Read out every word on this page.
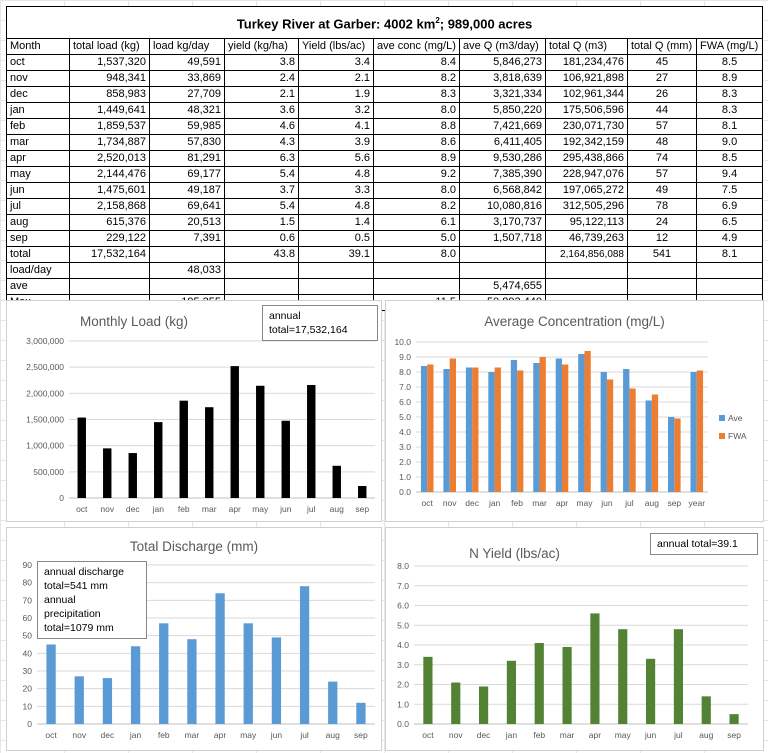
Turkey River at Garber: 4002 $km^2$; 989,000 acres									
Month	total load (kg)	load kg/day	yield (kg/ha)	Yield (lbs/ac)	ave conc (mg/L)	ave Q (m3/day)	total Q (m3)	total Q (mm)	FWA (mg/L)
oct	1,537,320	49,591	3.8	3.4	8.4	5,846,273	181,234,476	45	8.5
nov	948,341	33,869	2.4	2.1	8.2	3,818,639	106,921,898	27	8.9
dec	858,983	27,709	2.1	1.9	8.3	3,321,334	102,961,344	26	8.3
jan	1,449,641	48,321	3.6	3.2	8.0	5,850,220	175,506,596	44	8.3
feb	1,859,537	59,985	4.6	4.1	8.8	7,421,669	230,071,730	57	8.1
mar	1,734,887	57,830	4.3	3.9	8.6	6,411,405	192,342,159	48	9.0
apr	2,520,013	81,291	6.3	5.6	8.9	9,530,286	295,438,866	74	8.5
may	2,144,476	69,177	5.4	4.8	9.2	7,385,390	228,947,076	57	9.4
jun	1,475,601	49,187	3.7	3.3	8.0	6,568,842	197,065,272	49	7.5
jul	2,158,868	69,641	5.4	4.8	8.2	10,080,816	312,505,296	78	6.9
aug	615,376	20,513	1.5	1.4	6.1	3,170,737	95,122,113	24	6.5
sep	229,122	7,391	0.6	0.5	5.0	1,507,718	46,739,263	12	4.9
total	17,532,164		43.8	39.1	8.0		2,164,856,088	541	8.1
load/day		48,033							
ave						5,474,655			

Monthly Load (kg)
0
500,000
1,000,000
1,500,000
2,000,000
2,500,000
3,000,000
oct nov dec jan feb mar apr may jun jul aug sep
annual
total=17,532,164
Average Concentration (mg/L)
0.0
1.0
2.0
3.0
4.0
5.0
6.0
7.0
8.0
9.0
10.0
oct nov dec jan feb mar apr may jun jul aug sep year
Ave
FWA
Total Discharge (mm)
0
10
20
30
40
50
60
70
80
90
oct nov dec jan feb mar apr may jun jul aug sep
annual discharge
total=541 mm
annual
precipitation
total=1079 mm
N Yield (lbs/ac)
0.0
1.0
2.0
3.0
4.0
5.0
6.0
7.0
8.0
oct nov dec jan feb mar apr may jun jul aug sep
annual total=39.1
